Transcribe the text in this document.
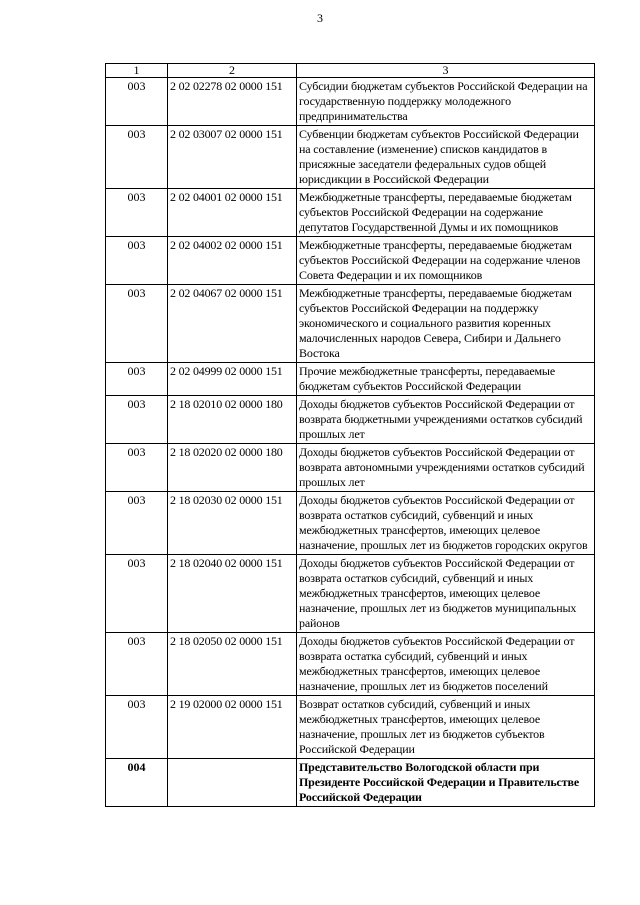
3
1	2	3
003	2 02 02278 02 0000 151	Субсидии бюджетам субъектов Российской Федерации на государственную поддержку молодежного предпринимательства
003	2 02 03007 02 0000 151	Субвенции бюджетам субъектов Российской Федерации на составление (изменение) списков кандидатов в присяжные заседатели федеральных судов общей юрисдикции в Российской Федерации
003	2 02 04001 02 0000 151	Межбюджетные трансферты, передаваемые бюджетам субъектов Российской Федерации на содержание депутатов Государственной Думы и их помощников
003	2 02 04002 02 0000 151	Межбюджетные трансферты, передаваемые бюджетам субъектов Российской Федерации на содержание членов Совета Федерации и их помощников
003	2 02 04067 02 0000 151	Межбюджетные трансферты, передаваемые бюджетам субъектов Российской Федерации на поддержку экономического и социального развития коренных малочисленных народов Севера, Сибири и Дальнего Востока
003	2 02 04999 02 0000 151	Прочие межбюджетные трансферты, передаваемые бюджетам субъектов Российской Федерации
003	2 18 02010 02 0000 180	Доходы бюджетов субъектов Российской Федерации от возврата бюджетными учреждениями остатков субсидий прошлых лет
003	2 18 02020 02 0000 180	Доходы бюджетов субъектов Российской Федерации от возврата автономными учреждениями остатков субсидий прошлых лет
003	2 18 02030 02 0000 151	Доходы бюджетов субъектов Российской Федерации от возврата остатков субсидий, субвенций и иных межбюджетных трансфертов, имеющих целевое назначение, прошлых лет из бюджетов городских округов
003	2 18 02040 02 0000 151	Доходы бюджетов субъектов Российской Федерации от возврата остатков субсидий, субвенций и иных межбюджетных трансфертов, имеющих целевое назначение, прошлых лет из бюджетов муниципальных районов
003	2 18 02050 02 0000 151	Доходы бюджетов субъектов Российской Федерации от возврата остатка субсидий, субвенций и иных межбюджетных трансфертов, имеющих целевое назначение, прошлых лет из бюджетов поселений
003	2 19 02000 02 0000 151	Возврат остатков субсидий, субвенций и иных межбюджетных трансфертов, имеющих целевое назначение, прошлых лет из бюджетов субъектов Российской Федерации
004		Представительство Вологодской области при Президенте Российской Федерации и Правительстве Российской Федерации
